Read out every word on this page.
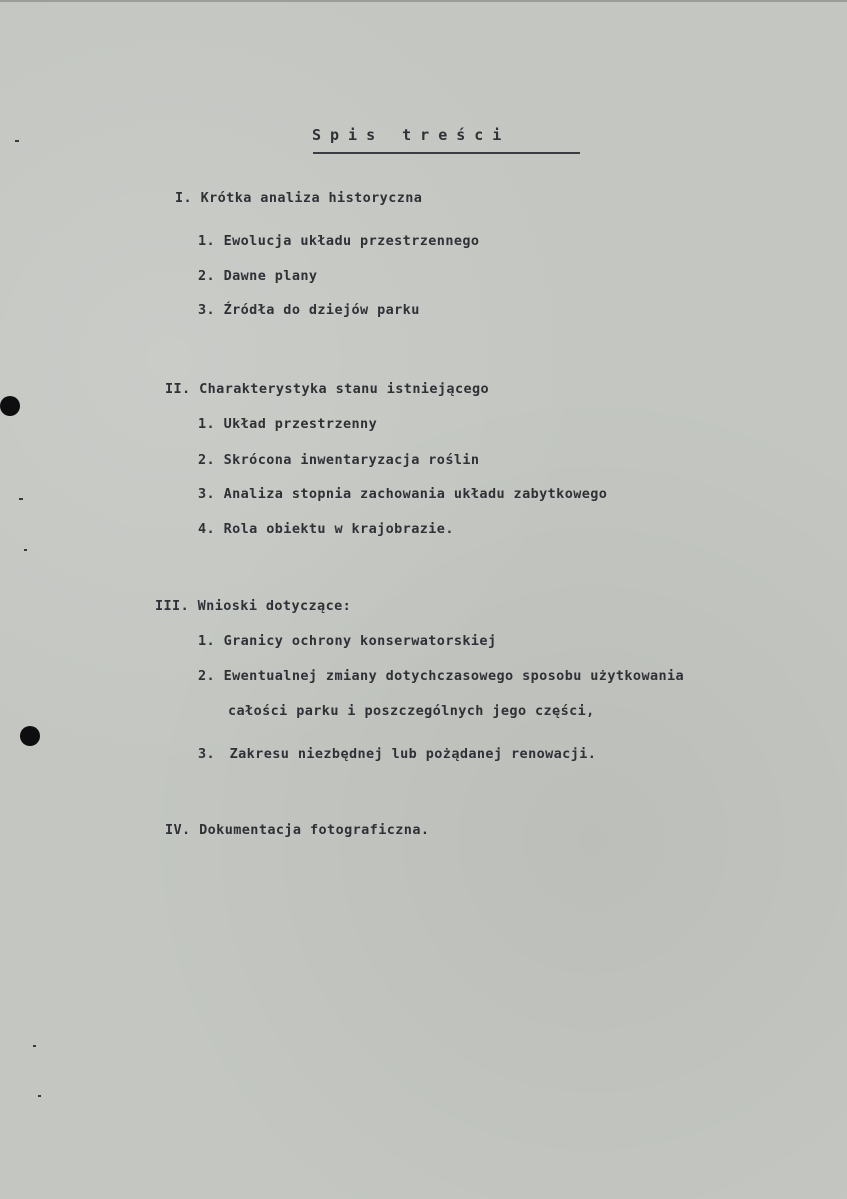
Spis treści
I. Krótka analiza historyczna
1. Ewolucja układu przestrzennego
2. Dawne plany
3. Źródła do dziejów parku
II. Charakterystyka stanu istniejącego
1. Układ przestrzenny
2. Skrócona inwentaryzacja roślin
3. Analiza stopnia zachowania układu zabytkowego
4. Rola obiektu w krajobrazie.
III. Wnioski dotyczące:
1. Granicy ochrony konserwatorskiej
2. Ewentualnej zmiany dotychczasowego sposobu użytkowania
całości parku i poszczególnych jego części,
3. Zakresu niezbędnej lub pożądanej renowacji.
IV. Dokumentacja fotograficzna.
